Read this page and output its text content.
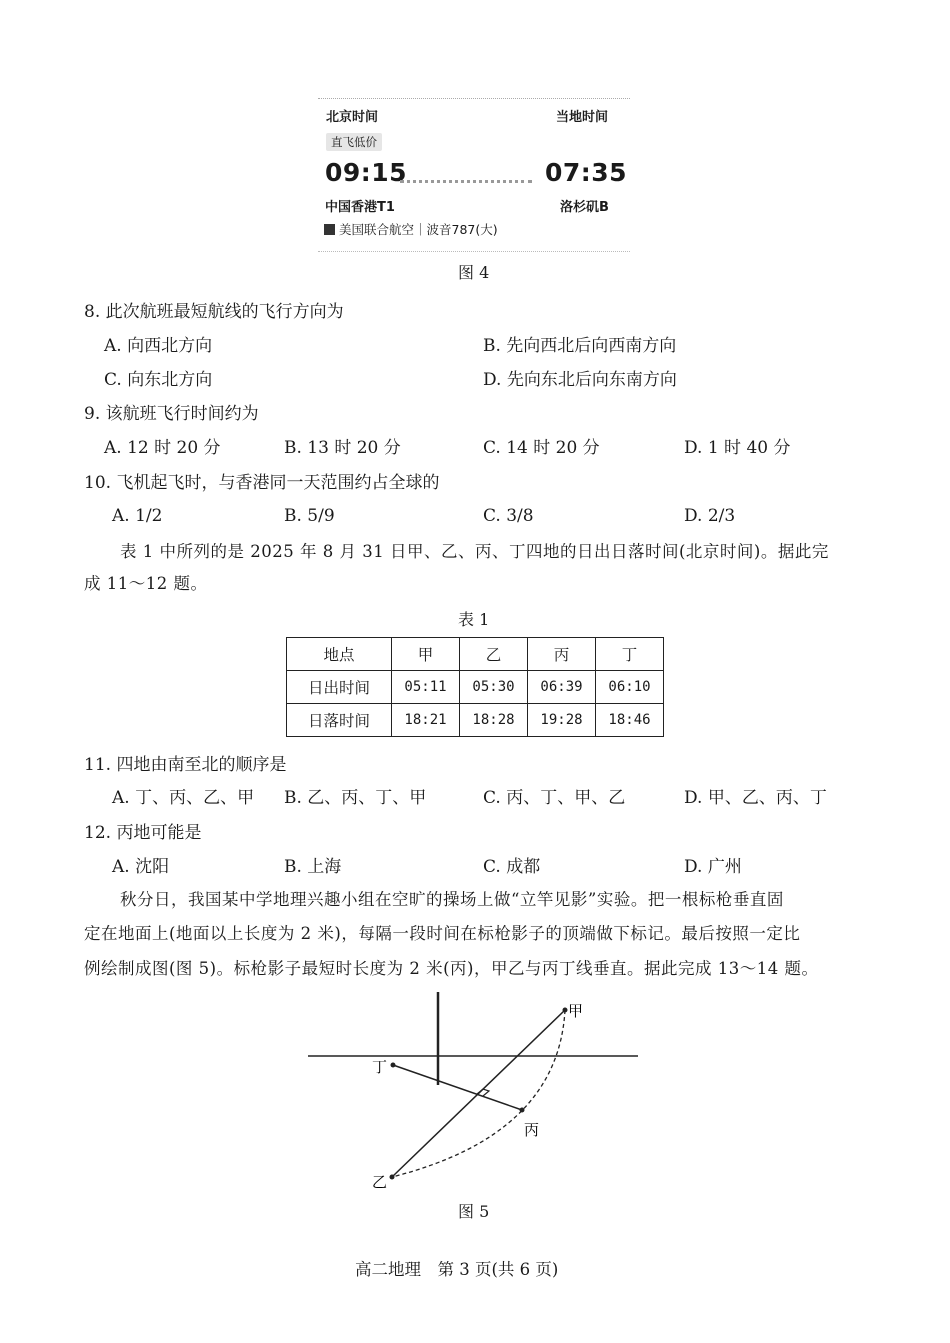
北京时间	当地时间
直飞低价
09:15	07:35
中国香港T1	洛杉矶B
美国联合航空｜波音787(大)
图 4
8. 此次航班最短航线的飞行方向为
A. 向西北方向	B. 先向西北后向西南方向
C. 向东北方向	D. 先向东北后向东南方向
9. 该航班飞行时间约为
A. 12 时 20 分	B. 13 时 20 分	C. 14 时 20 分	D. 1 时 40 分
10. 飞机起飞时，与香港同一天范围约占全球的
A. 1/2	B. 5/9	C. 3/8	D. 2/3
表 1 中所列的是 2025 年 8 月 31 日甲、乙、丙、丁四地的日出日落时间(北京时间)。据此完
成 11～12 题。
表 1
地点	甲	乙	丙	丁
日出时间	05:11	05:30	06:39	06:10
日落时间	18:21	18:28	19:28	18:46
11. 四地由南至北的顺序是
A. 丁、丙、乙、甲 B. 乙、丙、丁、甲	C. 丙、丁、甲、乙	D. 甲、乙、丙、丁
12. 丙地可能是
A. 沈阳	B. 上海	C. 成都	D. 广州
秋分日，我国某中学地理兴趣小组在空旷的操场上做“立竿见影”实验。把一根标枪垂直固
定在地面上(地面以上长度为 2 米)，每隔一段时间在标枪影子的顶端做下标记。最后按照一定比
例绘制成图(图 5)。标枪影子最短时长度为 2 米(丙)，甲乙与丙丁线垂直。据此完成 13～14 题。
甲
丁
丙
乙
图 5
高二地理　第 3 页(共 6 页)
